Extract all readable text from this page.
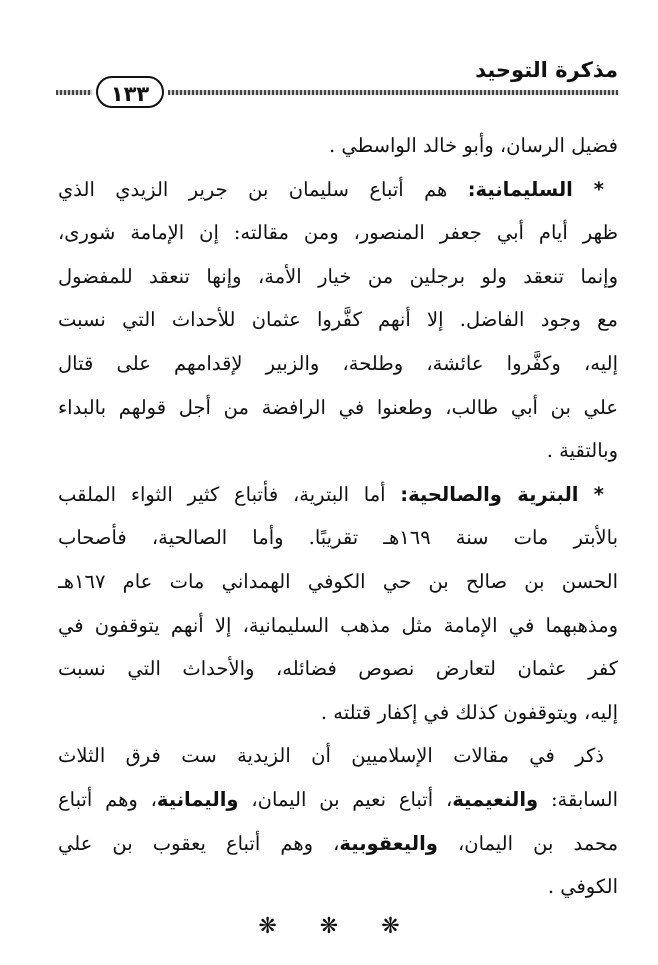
مذكرة التوحيد
١٣٣
فضيل الرسان، وأبو خالد الواسطي .
* السليمانية: هم أتباع سليمان بن جرير الزيدي الذي
ظهر أيام أبي جعفر المنصور، ومن مقالته: إن الإمامة شورى،
وإنما تنعقد ولو برجلين من خيار الأمة، وإنها تنعقد للمفضول
مع وجود الفاضل. إلا أنهم كفَّروا عثمان للأحداث التي نسبت
إليه، وكفَّروا عائشة، وطلحة، والزبير لإقدامهم على قتال
علي بن أبي طالب، وطعنوا في الرافضة من أجل قولهم بالبداء
وبالتقية .
* البترية والصالحية: أما البترية، فأتباع كثير الثواء الملقب
بالأبتر مات سنة ١٦٩هـ تقريبًا. وأما الصالحية، فأصحاب
الحسن بن صالح بن حي الكوفي الهمداني مات عام ١٦٧هـ
ومذهبهما في الإمامة مثل مذهب السليمانية، إلا أنهم يتوقفون في
كفر عثمان لتعارض نصوص فضائله، والأحداث التي نسبت
إليه، ويتوقفون كذلك في إكفار قتلته .
ذكر في مقالات الإسلاميين أن الزيدية ست فرق الثلاث
السابقة: والنعيمية، أتباع نعيم بن اليمان، واليمانية، وهم أتباع
محمد بن اليمان، واليعقوبية، وهم أتباع يعقوب بن علي
الكوفي .
❋ ❋ ❋
